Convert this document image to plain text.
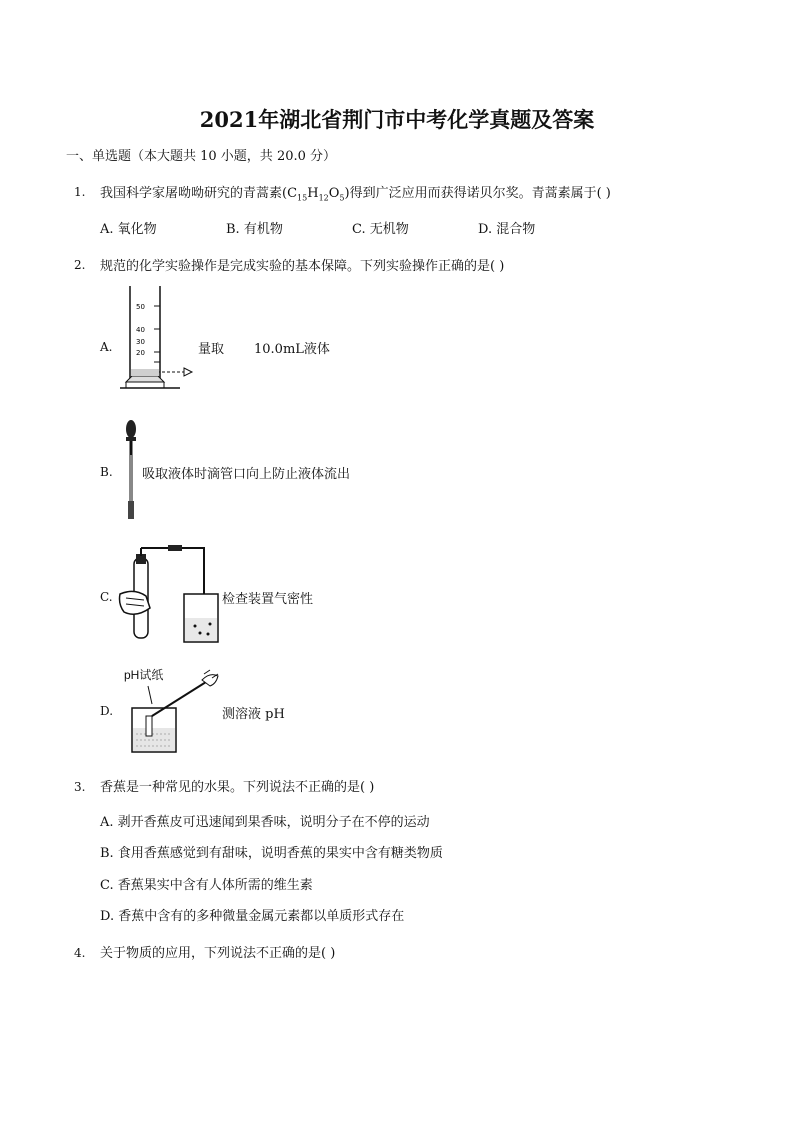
2021年湖北省荆门市中考化学真题及答案
一、单选题（本大题共 10 小题，共 20.0 分）
1. 我国科学家屠呦呦研究的青蒿素$(C_{15}H_{12}O_5)$得到广泛应用而获得诺贝尔奖。青蒿素属于( )
A. 氧化物	B. 有机物	C. 无机物	D. 混合物
2. 规范的化学实验操作是完成实验的基本保障。下列实验操作正确的是( )
A.
50
40
30
20	量取 10.0mL液体
B. 吸取液体时滴管口向上防止液体流出
C.	检查装置气密性
D.
pH试纸
测溶液 pH
3. 香蕉是一种常见的水果。下列说法不正确的是( )
A. 剥开香蕉皮可迅速闻到果香味，说明分子在不停的运动
B. 食用香蕉感觉到有甜味，说明香蕉的果实中含有糖类物质
C. 香蕉果实中含有人体所需的维生素
D. 香蕉中含有的多种微量金属元素都以单质形式存在
4. 关于物质的应用，下列说法不正确的是( )
